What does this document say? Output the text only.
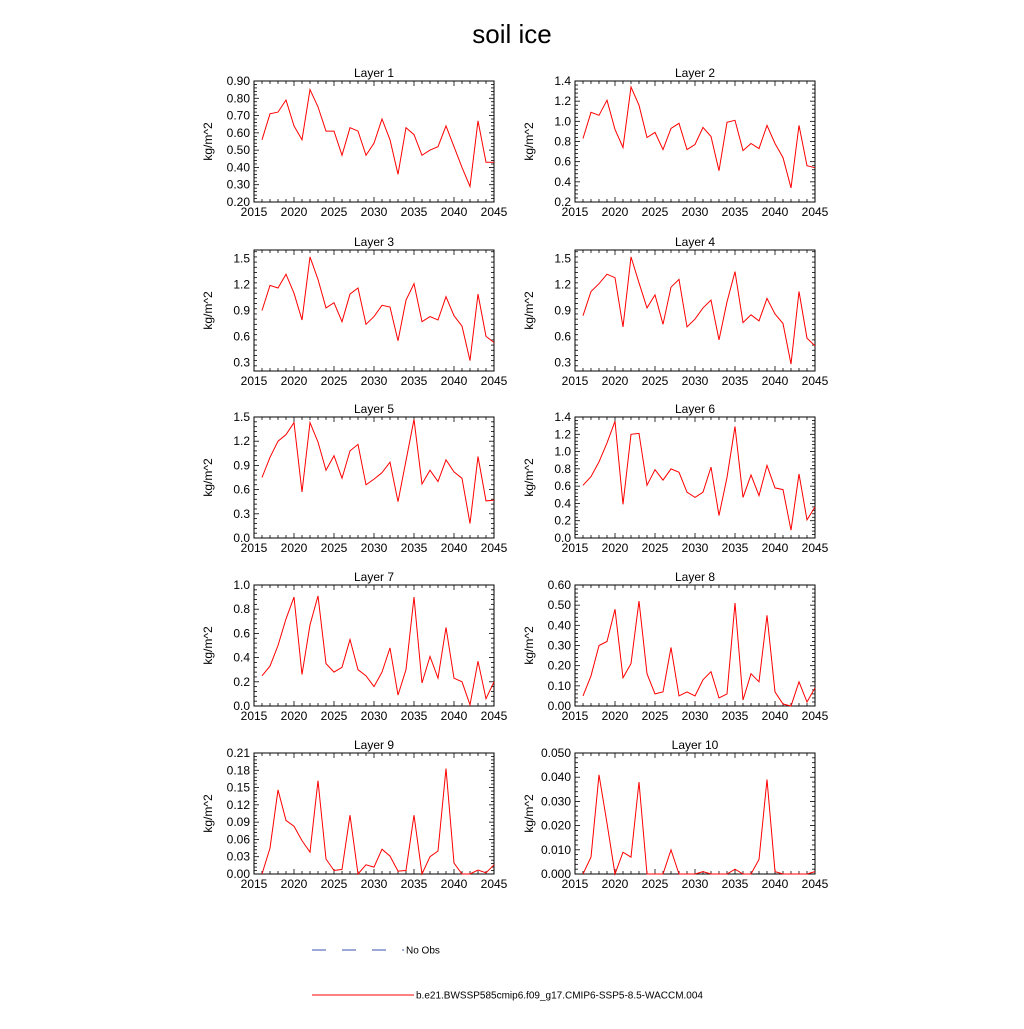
soil ice
Layer 1
kg/m^2
2015 2020 2025 2030 2035 2040 2045
0.20
0.30
0.40
0.50
0.60
0.70
0.80
0.90
Layer 2
kg/m^2
2015 2020 2025 2030 2035 2040 2045
0.2
0.4
0.6
0.8
1.0
1.2
1.4
Layer 3
kg/m^2
2015 2020 2025 2030 2035 2040 2045
0.3
0.6
0.9
1.2
1.5
Layer 4
kg/m^2
2015 2020 2025 2030 2035 2040 2045
0.3
0.6
0.9
1.2
1.5
Layer 5
kg/m^2
2015 2020 2025 2030 2035 2040 2045
0.0
0.3
0.6
0.9
1.2
1.5
Layer 6
kg/m^2
2015 2020 2025 2030 2035 2040 2045
0.0
0.2
0.4
0.6
0.8
1.0
1.2
1.4
Layer 7
kg/m^2
2015 2020 2025 2030 2035 2040 2045
0.0
0.2
0.4
0.6
0.8
1.0
Layer 8
kg/m^2
2015 2020 2025 2030 2035 2040 2045
0.00
0.10
0.20
0.30
0.40
0.50
0.60
Layer 9
kg/m^2
2015 2020 2025 2030 2035 2040 2045
0.00
0.03
0.06
0.09
0.12
0.15
0.18
0.21
Layer 10
kg/m^2
2015 2020 2025 2030 2035 2040 2045
0.000
0.010
0.020
0.030
0.040
0.050
No Obs
b.e21.BWSSP585cmip6.f09_g17.CMIP6-SSP5-8.5-WACCM.004
